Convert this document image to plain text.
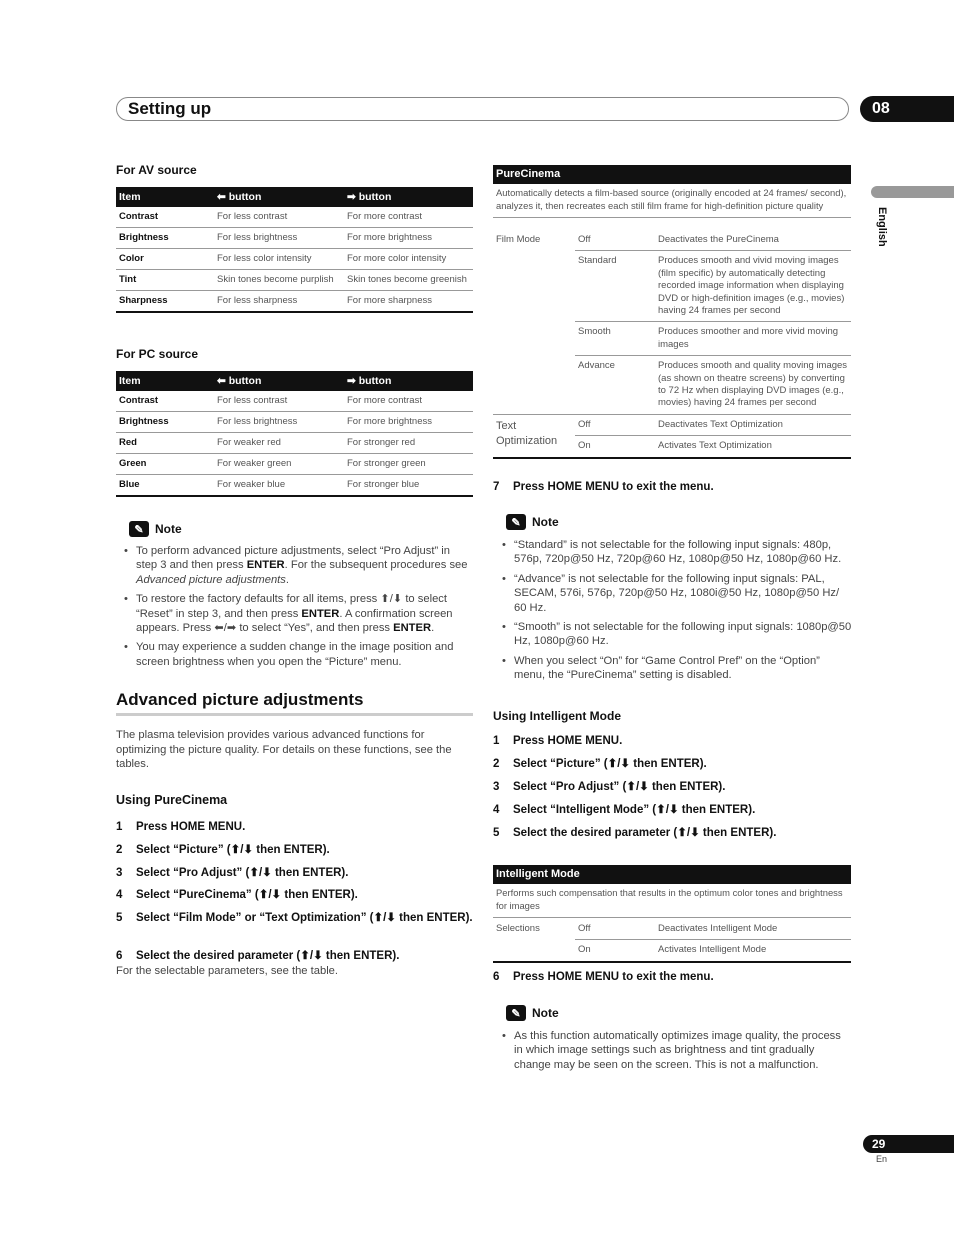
Setting up	08
English
For AV source
Item	⬅ button	➡ button
Contrast	For less contrast	For more contrast
Brightness	For less brightness	For more brightness
Color	For less color intensity	For more color intensity
Tint	Skin tones become purplish	Skin tones become greenish
Sharpness	For less sharpness	For more sharpness
For PC source
Item	⬅ button	➡ button
Contrast	For less contrast	For more contrast
Brightness	For less brightness	For more brightness
Red	For weaker red	For stronger red
Green	For weaker green	For stronger green
Blue	For weaker blue	For stronger blue
✎ Note
• To perform advanced picture adjustments, select “Pro Adjust” in step 3 and then press ENTER. For the subsequent procedures see Advanced picture adjustments.
• To restore the factory defaults for all items, press ⬆/⬇ to select “Reset” in step 3, and then press ENTER. A confirmation screen appears. Press ⬅/➡ to select “Yes”, and then press ENTER.
• You may experience a sudden change in the image position and screen brightness when you open the “Picture” menu.
Advanced picture adjustments
The plasma television provides various advanced functions for optimizing the picture quality. For details on these functions, see the tables.
Using PureCinema
1 Press HOME MENU.
2 Select “Picture” (⬆/⬇ then ENTER).
3 Select “Pro Adjust” (⬆/⬇ then ENTER).
4 Select “PureCinema” (⬆/⬇ then ENTER).
5 Select “Film Mode” or “Text Optimization” (⬆/⬇ then ENTER).
6 Select the desired parameter (⬆/⬇ then ENTER).
For the selectable parameters, see the table.
PureCinema
Automatically detects a film-based source (originally encoded at 24 frames/ second), analyzes it, then recreates each still film frame for high-definition picture quality
Film Mode	Off	Deactivates the PureCinema
	Standard	Produces smooth and vivid moving images (film specific) by automatically detecting recorded image information when displaying DVD or high-definition images (e.g., movies) having 24 frames per second
	Smooth	Produces smoother and more vivid moving images
	Advance	Produces smooth and quality moving images (as shown on theatre screens) by converting to 72 Hz when displaying DVD images (e.g., movies) having 24 frames per second
Text Optimization	Off	Deactivates Text Optimization
	On	Activates Text Optimization
7 Press HOME MENU to exit the menu.
✎ Note
• “Standard” is not selectable for the following input signals: 480p, 576p, 720p@50 Hz, 720p@60 Hz, 1080p@50 Hz, 1080p@60 Hz.
• “Advance” is not selectable for the following input signals: PAL, SECAM, 576i, 576p, 720p@50 Hz, 1080i@50 Hz, 1080p@50 Hz/ 60 Hz.
• “Smooth” is not selectable for the following input signals: 1080p@50 Hz, 1080p@60 Hz.
• When you select “On” for “Game Control Pref” on the “Option” menu, the “PureCinema” setting is disabled.
Using Intelligent Mode
1 Press HOME MENU.
2 Select “Picture” (⬆/⬇ then ENTER).
3 Select “Pro Adjust” (⬆/⬇ then ENTER).
4 Select “Intelligent Mode” (⬆/⬇ then ENTER).
5 Select the desired parameter (⬆/⬇ then ENTER).
Intelligent Mode
Performs such compensation that results in the optimum color tones and brightness for images
Selections	Off	Deactivates Intelligent Mode
	On	Activates Intelligent Mode
6 Press HOME MENU to exit the menu.
✎ Note
• As this function automatically optimizes image quality, the process in which image settings such as brightness and tint gradually change may be seen on the screen. This is not a malfunction.
29
En
